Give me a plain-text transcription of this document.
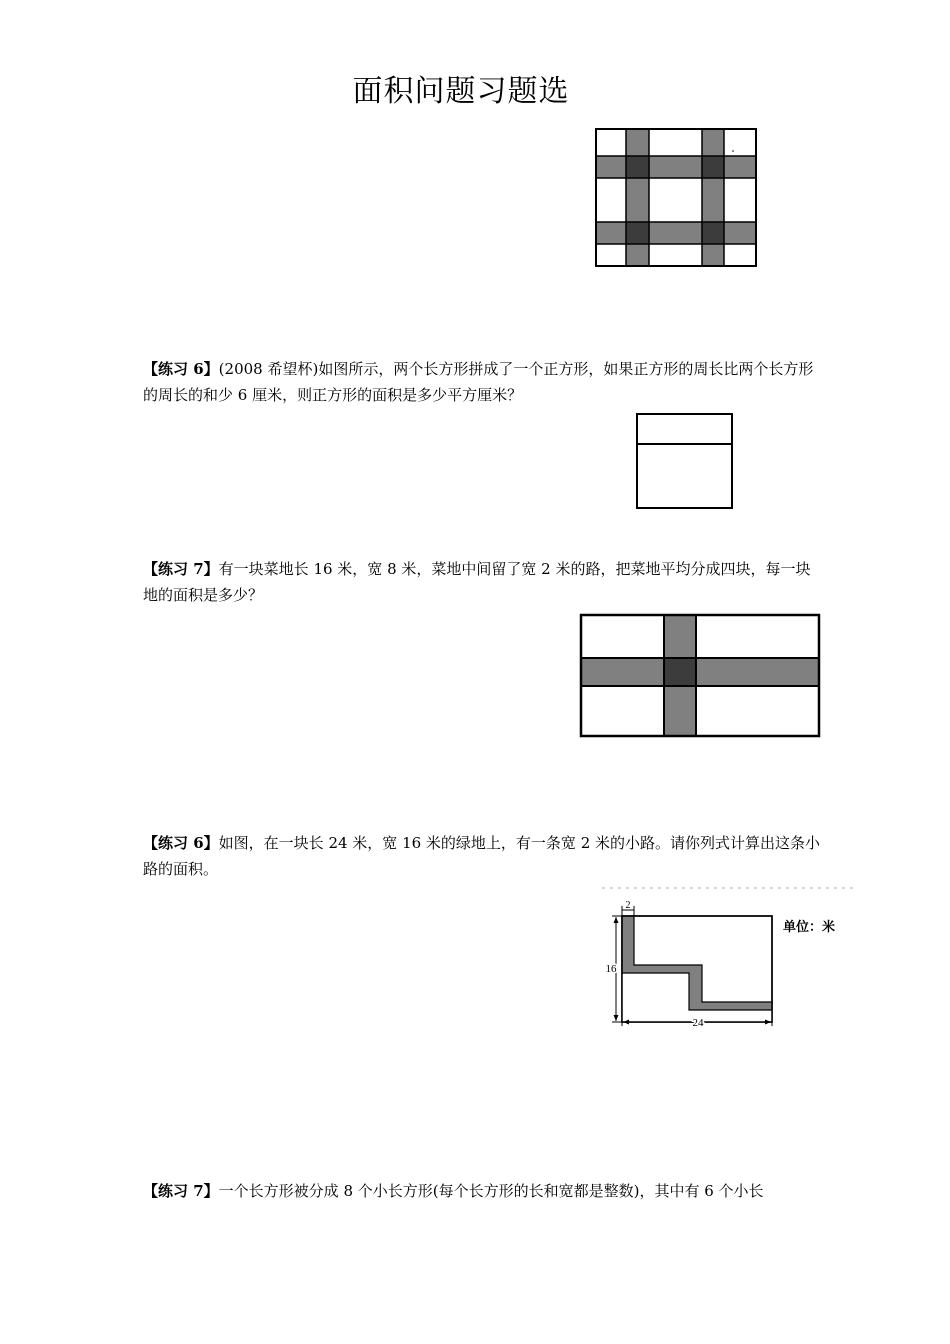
面积问题习题选
【练习 6】(2008 希望杯)如图所示，两个长方形拼成了一个正方形，如果正方形的周长比两个长方形的周长的和少 6 厘米，则正方形的面积是多少平方厘米？
【练习 7】有一块菜地长 16 米，宽 8 米，菜地中间留了宽 2 米的路，把菜地平均分成四块，每一块地的面积是多少？
【练习 6】如图，在一块长 24 米，宽 16 米的绿地上，有一条宽 2 米的小路。请你列式计算出这条小路的面积。
2
16
24
单位：米
【练习 7】一个长方形被分成 8 个小长方形(每个长方形的长和宽都是整数)，其中有 6 个小长
